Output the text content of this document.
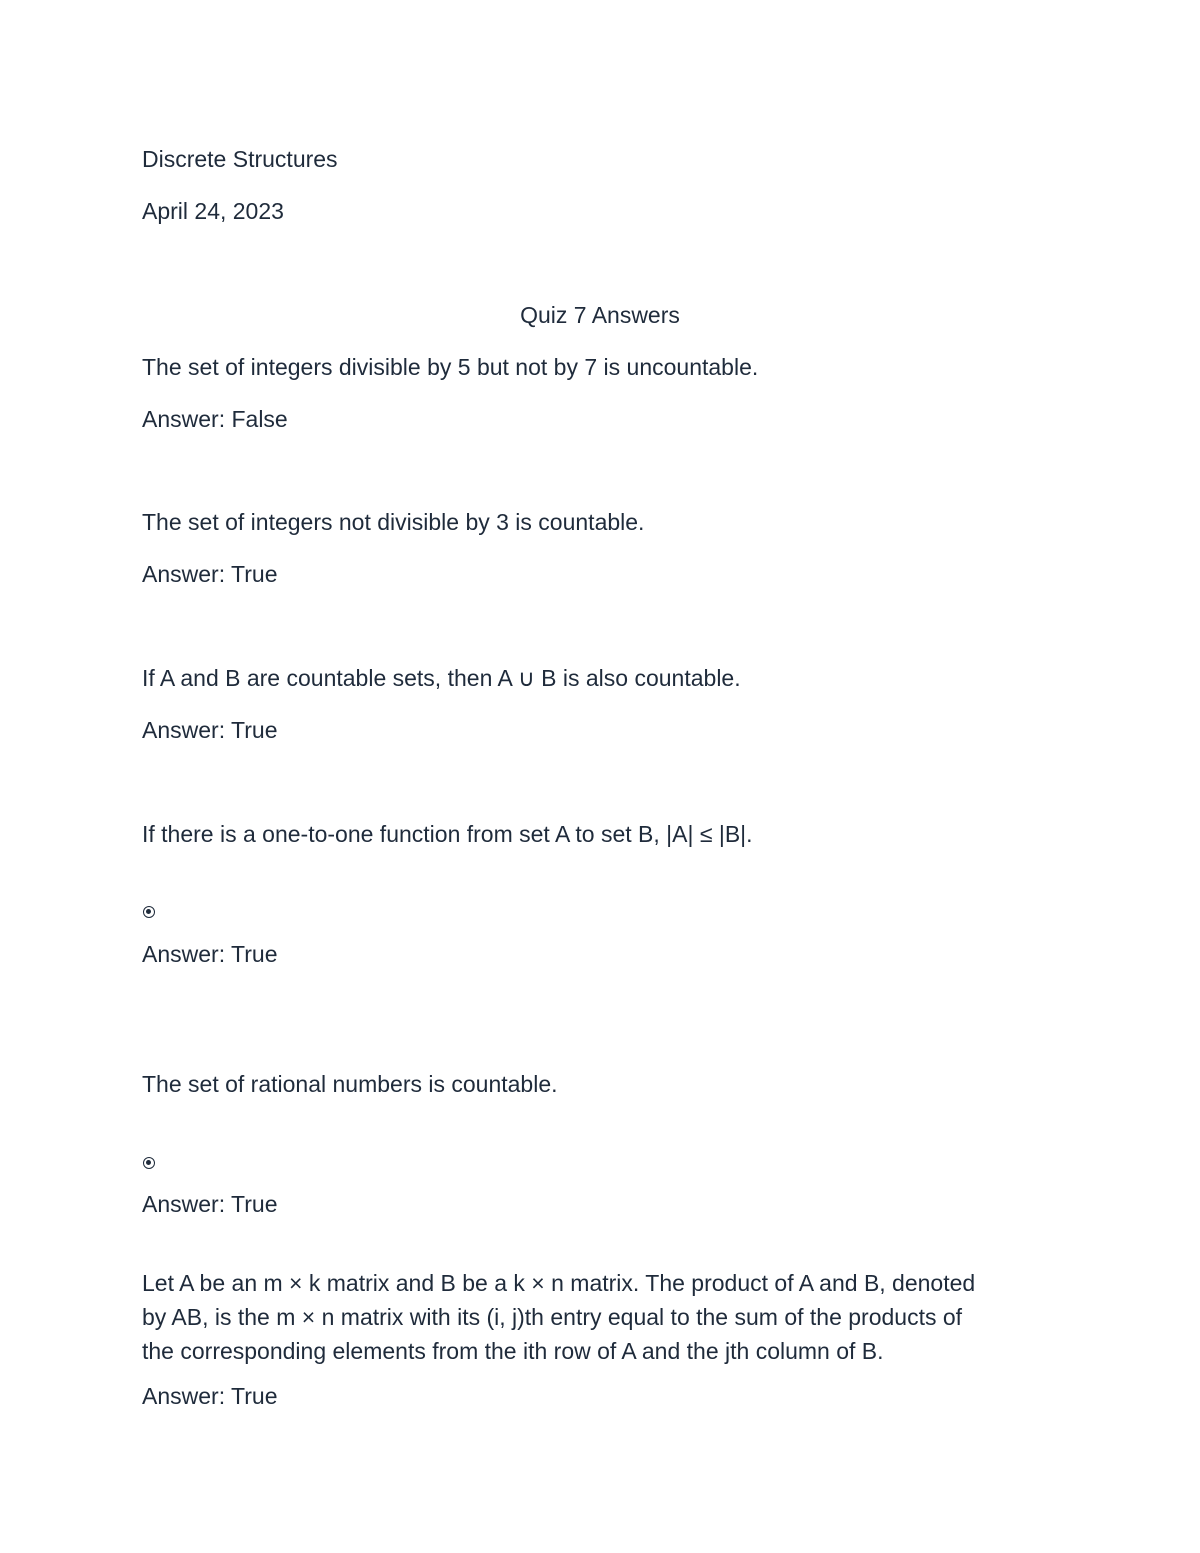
Discrete Structures
April 24, 2023
Quiz 7 Answers
The set of integers divisible by 5 but not by 7 is uncountable.
Answer: False
The set of integers not divisible by 3 is countable.
Answer: True
If A and B are countable sets, then A ∪ B is also countable.
Answer: True
If there is a one-to-one function from set A to set B, |A| ≤ |B|.
Answer: True
The set of rational numbers is countable.
Answer: True
Let A be an m × k matrix and B be a k × n matrix. The product of A and B, denoted
by AB, is the m × n matrix with its (i, j)th entry equal to the sum of the products of
the corresponding elements from the ith row of A and the jth column of B.
Answer: True
